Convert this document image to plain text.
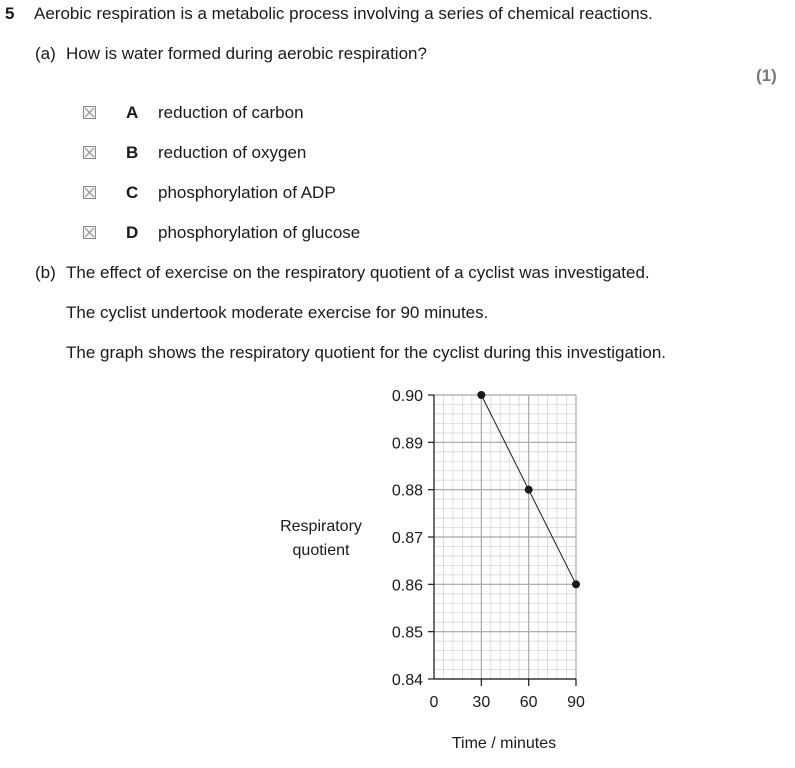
5 Aerobic respiration is a metabolic process involving a series of chemical reactions.
(a) How is water formed during aerobic respiration?
(1)
A reduction of carbon
B reduction of oxygen
C phosphorylation of ADP
D phosphorylation of glucose
(b) The effect of exercise on the respiratory quotient of a cyclist was investigated.
The cyclist undertook moderate exercise for 90 minutes.
The graph shows the respiratory quotient for the cyclist during this investigation.
0.84
0.85
0.86
0.87
0.88
0.89
0.90
0 30 60 90
Respiratory
quotient
Time / minutes
